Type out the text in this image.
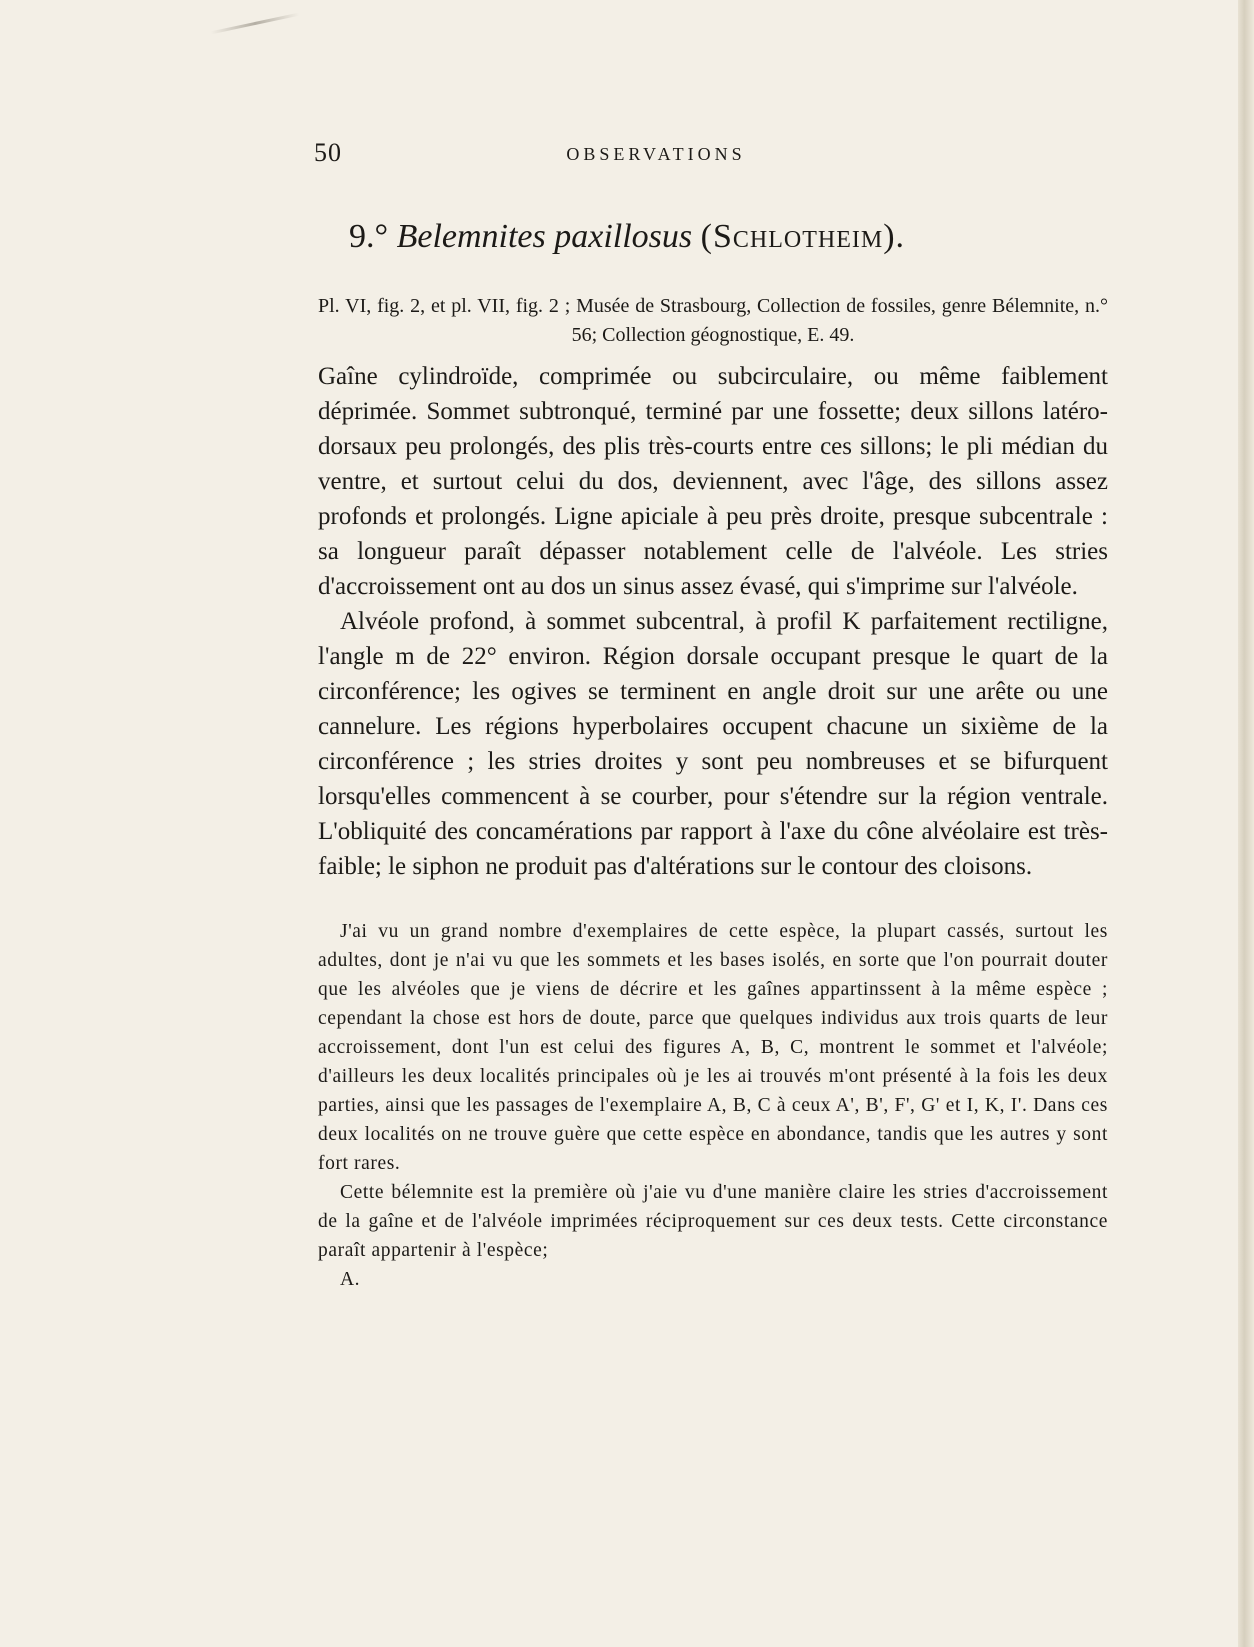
50	OBSERVATIONS
9.° Belemnites paxillosus (Schlotheim).
Pl. VI, fig. 2, et pl. VII, fig. 2 ; Musée de Strasbourg, Collection de fossiles, genre Bélemnite, n.° 56; Collection géognostique, E. 49.

Gaîne cylindroïde, comprimée ou subcirculaire, ou même faiblement déprimée. Sommet subtronqué, terminé par une fossette; deux sillons latéro-dorsaux peu prolongés, des plis très-courts entre ces sillons; le pli médian du ventre, et surtout celui du dos, deviennent, avec l'âge, des sillons assez profonds et prolongés. Ligne apiciale à peu près droite, presque subcentrale : sa longueur paraît dépasser notablement celle de l'alvéole. Les stries d'accroissement ont au dos un sinus assez évasé, qui s'imprime sur l'alvéole.

Alvéole profond, à sommet subcentral, à profil K parfaitement rectiligne, l'angle m de 22° environ. Région dorsale occupant presque le quart de la circonférence; les ogives se terminent en angle droit sur une arête ou une cannelure. Les régions hyperbolaires occupent chacune un sixième de la circonférence ; les stries droites y sont peu nombreuses et se bifurquent lorsqu'elles commencent à se courber, pour s'étendre sur la région ventrale. L'obliquité des concamérations par rapport à l'axe du cône alvéolaire est très-faible; le siphon ne produit pas d'altérations sur le contour des cloisons.

J'ai vu un grand nombre d'exemplaires de cette espèce, la plupart cassés, surtout les adultes, dont je n'ai vu que les sommets et les bases isolés, en sorte que l'on pourrait douter que les alvéoles que je viens de décrire et les gaînes appartinssent à la même espèce ; cependant la chose est hors de doute, parce que quelques individus aux trois quarts de leur accroissement, dont l'un est celui des figures A, B, C, montrent le sommet et l'alvéole; d'ailleurs les deux localités principales où je les ai trouvés m'ont présenté à la fois les deux parties, ainsi que les passages de l'exemplaire A, B, C à ceux A', B', F', G' et I, K, I'. Dans ces deux localités on ne trouve guère que cette espèce en abondance, tandis que les autres y sont fort rares.

Cette bélemnite est la première où j'aie vu d'une manière claire les stries d'accroissement de la gaîne et de l'alvéole imprimées réciproquement sur ces deux tests. Cette circonstance paraît appartenir à l'espèce;

A.
